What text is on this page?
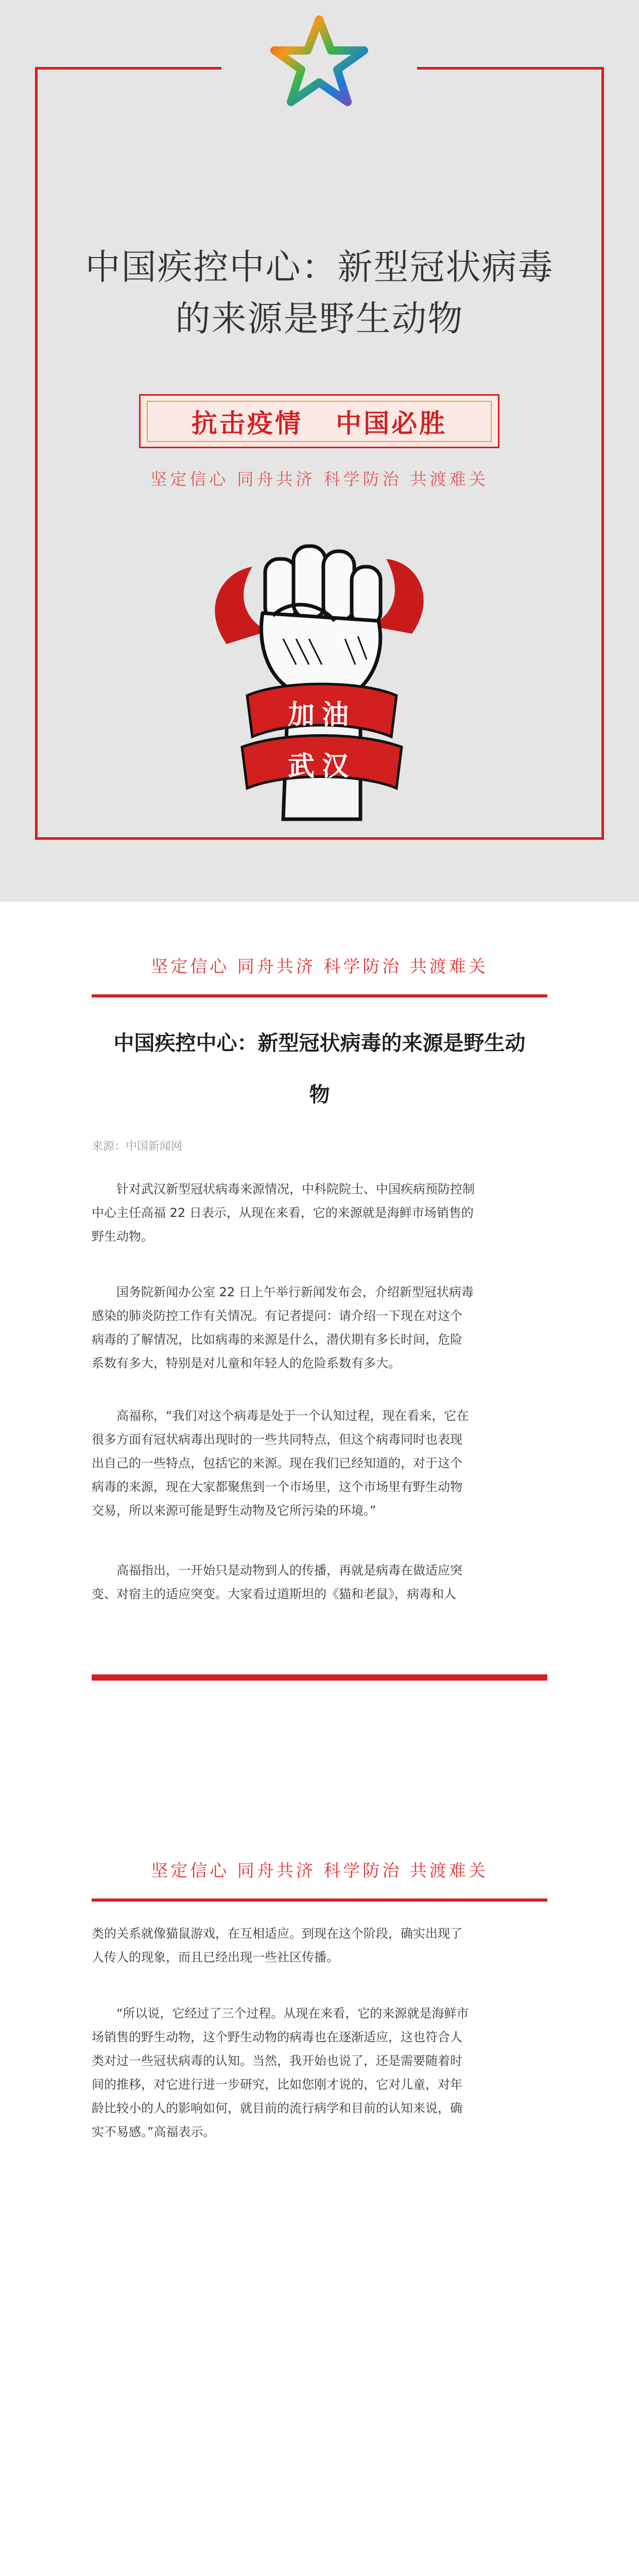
中国疾控中心：新型冠状病毒
的来源是野生动物
抗击疫情
中国必胜
坚定信心 同舟共济 科学防治 共渡难关
加油
武汉
坚定信心 同舟共济 科学防治 共渡难关
中国疾控中心：新型冠状病毒的来源是野生动
物
来源：中国新闻网
针对武汉新型冠状病毒来源情况，中科院院士、中国疾病预防控制
中心主任高福 22 日表示，从现在来看，它的来源就是海鲜市场销售的
野生动物。
国务院新闻办公室 22 日上午举行新闻发布会，介绍新型冠状病毒
感染的肺炎防控工作有关情况。有记者提问：请介绍一下现在对这个
病毒的了解情况，比如病毒的来源是什么，潜伏期有多长时间，危险
系数有多大，特别是对儿童和年轻人的危险系数有多大。
高福称，“我们对这个病毒是处于一个认知过程，现在看来，它在
很多方面有冠状病毒出现时的一些共同特点，但这个病毒同时也表现
出自己的一些特点，包括它的来源。现在我们已经知道的，对于这个
病毒的来源，现在大家都聚焦到一个市场里，这个市场里有野生动物
交易，所以来源可能是野生动物及它所污染的环境。”
高福指出，一开始只是动物到人的传播，再就是病毒在做适应突
变、对宿主的适应突变。大家看过道斯坦的《猫和老鼠》，病毒和人
坚定信心 同舟共济 科学防治 共渡难关
类的关系就像猫鼠游戏，在互相适应。到现在这个阶段，确实出现了
人传人的现象，而且已经出现一些社区传播。
“所以说，它经过了三个过程。从现在来看，它的来源就是海鲜市
场销售的野生动物，这个野生动物的病毒也在逐渐适应，这也符合人
类对过一些冠状病毒的认知。当然，我开始也说了，还是需要随着时
间的推移，对它进行进一步研究，比如您刚才说的，它对儿童，对年
龄比较小的人的影响如何，就目前的流行病学和目前的认知来说，确
实不易感。”高福表示。
